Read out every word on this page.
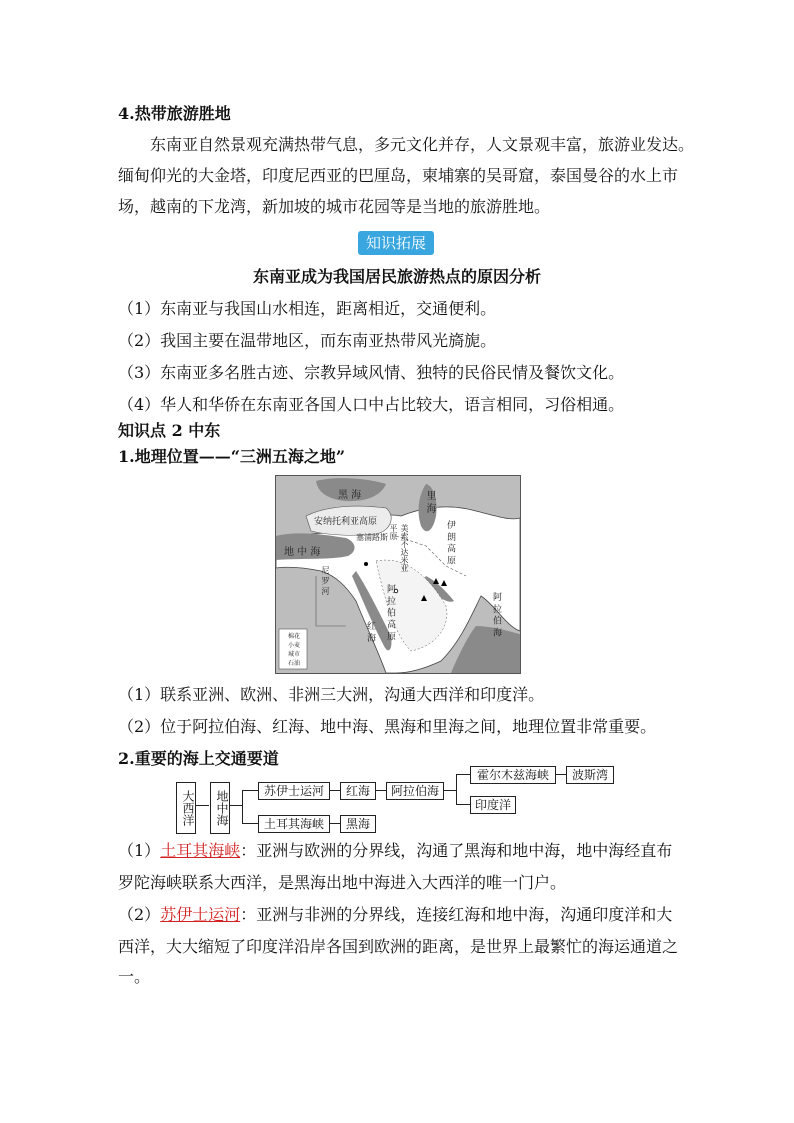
4.热带旅游胜地
东南亚自然景观充满热带气息，多元文化并存，人文景观丰富，旅游业发达。
缅甸仰光的大金塔，印度尼西亚的巴厘岛，柬埔寨的吴哥窟，泰国曼谷的水上市
场，越南的下龙湾，新加坡的城市花园等是当地的旅游胜地。
知识拓展
东南亚成为我国居民旅游热点的原因分析
（1）东南亚与我国山水相连，距离相近，交通便利。
（2）我国主要在温带地区，而东南亚热带风光旖旎。
（3）东南亚多名胜古迹、宗教异域风情、独特的民俗民情及餐饮文化。
（4）华人和华侨在东南亚各国人口中占比较大，语言相同，习俗相通。
知识点 2 中东
1.地理位置——“三洲五海之地”
黑 海	里 海
安纳托利亚高原
地 中 海
塞浦路斯	美索不达米亚平原	伊 朗 高 原
阿 拉 伯 高 原
尼 罗 河
红 海	阿 拉 伯 海
棉花
小麦
城市
石油
（1）联系亚洲、欧洲、非洲三大洲，沟通大西洋和印度洋。
（2）位于阿拉伯海、红海、地中海、黑海和里海之间，地理位置非常重要。
2.重要的海上交通要道
大西洋	地中海	苏伊士运河	红海	阿拉伯海
霍尔木兹海峡	波斯湾
印度洋
土耳其海峡	黑海
（1）土耳其海峡：亚洲与欧洲的分界线，沟通了黑海和地中海，地中海经直布
罗陀海峡联系大西洋，是黑海出地中海进入大西洋的唯一门户。
（2）苏伊士运河：亚洲与非洲的分界线，连接红海和地中海，沟通印度洋和大
西洋，大大缩短了印度洋沿岸各国到欧洲的距离，是世界上最繁忙的海运通道之
一。
